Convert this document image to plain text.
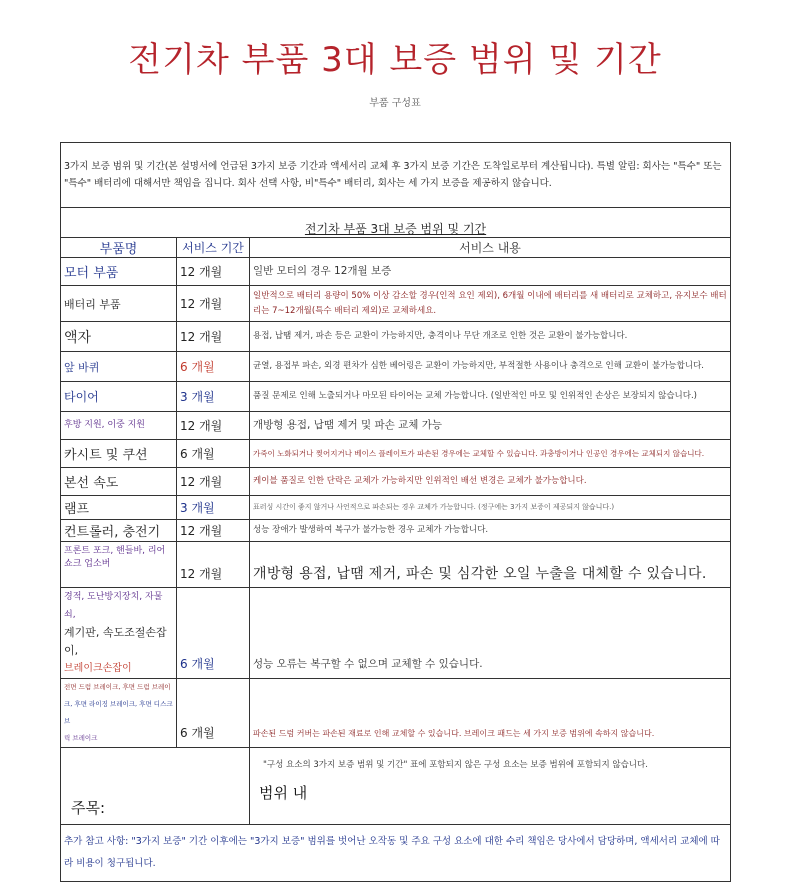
전기차 부품 3대 보증 범위 및 기간
부품 구성표
3가지 보증 범위 및 기간(본 설명서에 언급된 3가지 보증 기간과 액세서리 교체 후 3가지 보증 기간은 도착일로부터 계산됩니다). 특별 알림: 회사는 "특수" 또는 "특수" 배터리에 대해서만 책임을 집니다. 회사 선택 사항, 비"특수" 배터리, 회사는 세 가지 보증을 제공하지 않습니다.		
전기차 부품 3대 보증 범위 및 기간		
부품명	서비스 기간	서비스 내용
모터 부품	12 개월	일반 모터의 경우 12개월 보증
배터리 부품	12 개월	일반적으로 배터리 용량이 50% 이상 감소할 경우(인적 요인 제외), 6개월 이내에 배터리를 새 배터리로 교체하고, 유지보수 배터리는 7~12개월(특수 배터리 제외)로 교체하세요.
액자	12 개월	용접, 납땜 제거, 파손 등은 교환이 가능하지만, 충격이나 무단 개조로 인한 것은 교환이 불가능합니다.
앞 바퀴	6 개월	균열, 용접부 파손, 외경 편차가 심한 베어링은 교환이 가능하지만, 부적절한 사용이나 충격으로 인해 교환이 불가능합니다.
타이어	3 개월	품질 문제로 인해 노출되거나 마모된 타이어는 교체 가능합니다. (일반적인 마모 및 인위적인 손상은 보장되지 않습니다.)
후방 지원, 이중 지원	12 개월	개방형 용접, 납땜 제거 및 파손 교체 가능
카시트 및 쿠션	6 개월	가죽이 노화되거나 찢어지거나 베이스 플레이트가 파손된 경우에는 교체할 수 있습니다. 과충방이거나 인공인 경우에는 교체되지 않습니다.
본선 속도	12 개월	케이블 품질로 인한 단락은 교체가 가능하지만 인위적인 배선 변경은 교체가 불가능합니다.
램프	3 개월	표러싱 시간이 좋지 않거나 사언적으로 파손되는 경우 교체가 가능합니다. (정구에는 3가지 보증이 제공되지 않습니다.)
컨트롤러, 충전기	12 개월	성능 장애가 발생하여 복구가 불가능한 경우 교체가 가능합니다.
프론트 포크, 핸들바, 리어 쇼크 업소버	12 개월	개방형 용접, 납땜 제거, 파손 및 심각한 오일 누출을 대체할 수 있습니다.

경적, 도난방지장치, 자물쇠,
계기판, 속도조절손잡이,
브레이크손잡이	6 개월	성능 오류는 복구할 수 없으며 교체할 수 있습니다.

전면 드럼 브레이크, 후면 드럼 브레이
크, 후면 라이징 브레이크, 후면 디스크 브
릭 브레이크	6 개월	파손된 드럼 커버는 파손된 재료로 인해 교체할 수 있습니다. 브레이크 패드는 세 가지 보증 범위에 속하지 않습니다.
주목:		"구성 요소의 3가지 보증 범위 및 기간" 표에 포함되지 않은 구성 요소는 보증 범위에 포함되지 않습니다.
범위 내

추가 참고 사항: "3가지 보증" 기간 이후에는 "3가지 보증" 범위를 벗어난 오작동 및 주요 구성 요소에 대한 수리 책임은 당사에서 담당하며, 액세서리 교체에 따라 비용이 청구됩니다.		
